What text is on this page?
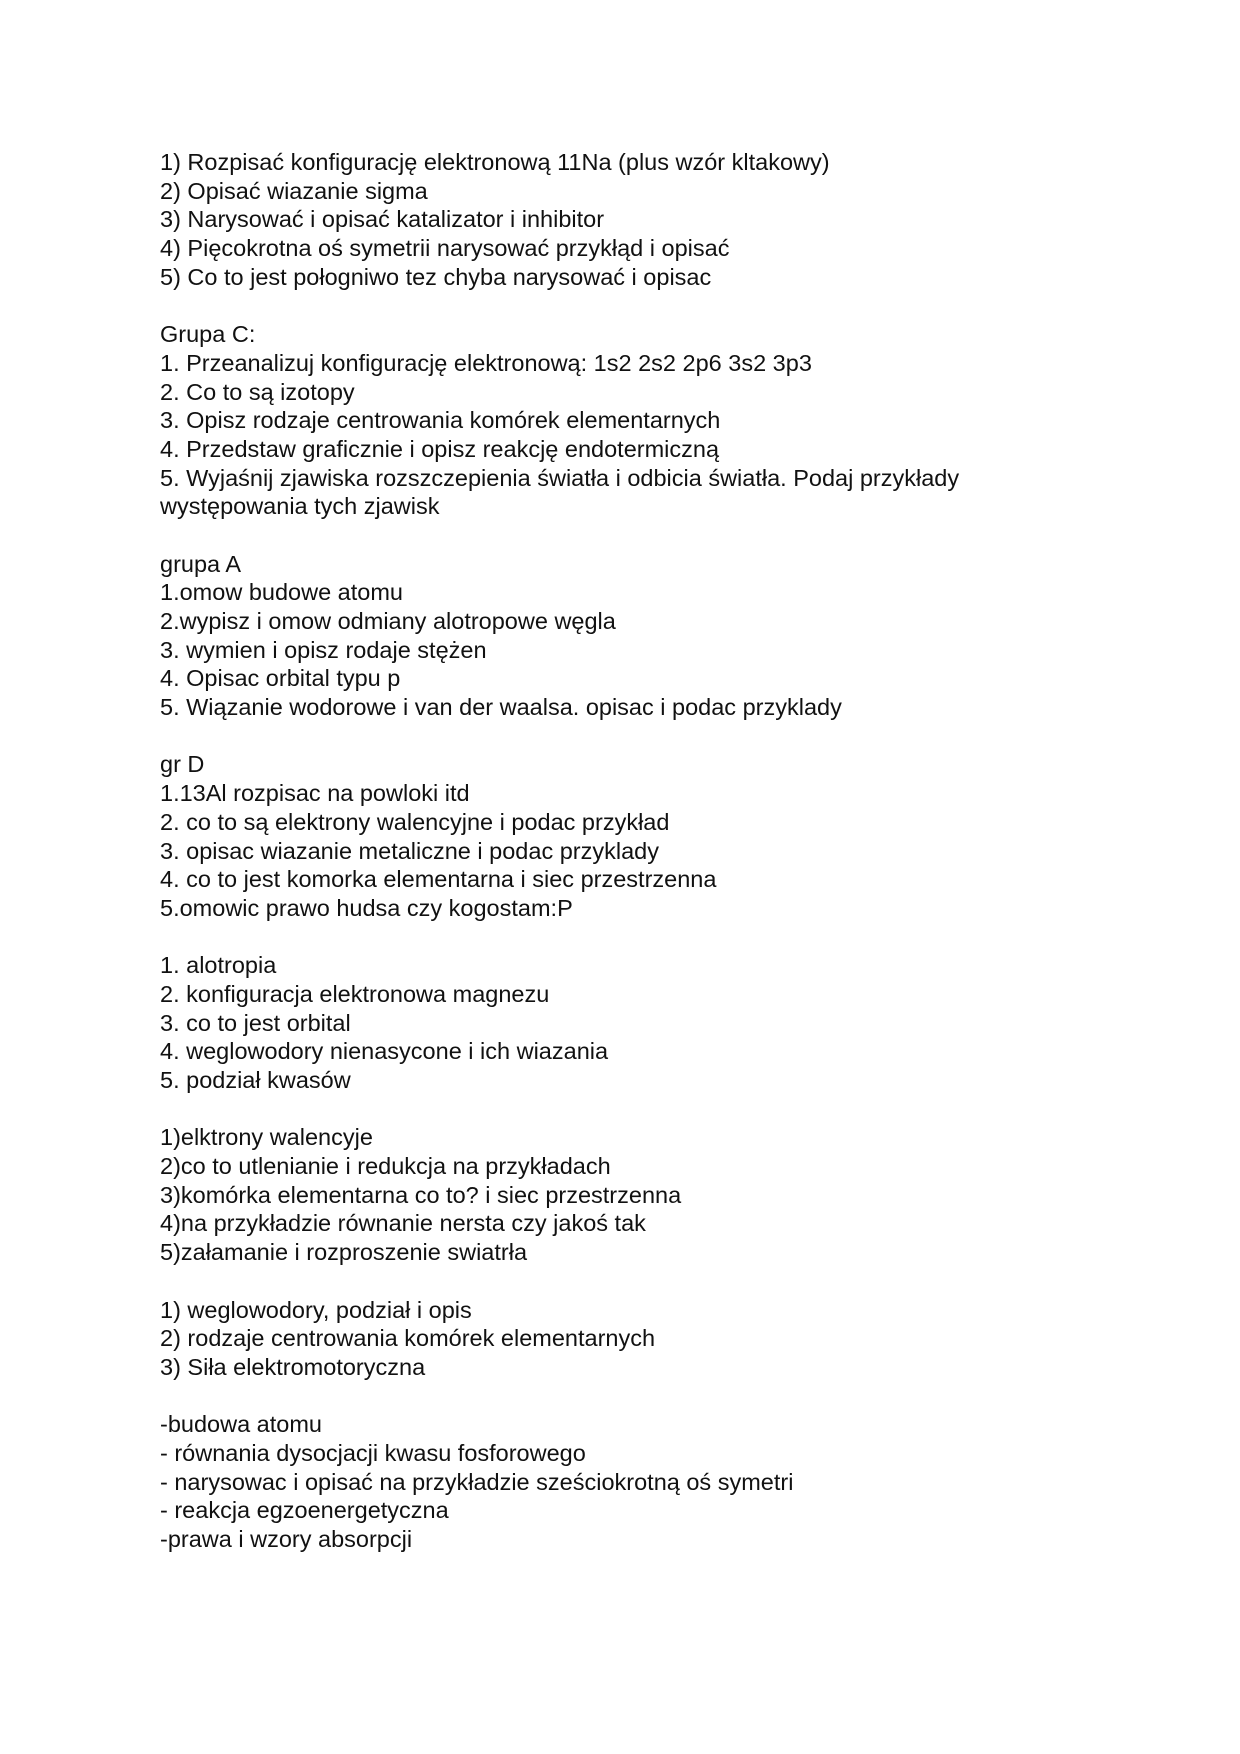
1) Rozpisać konfigurację elektronową 11Na (plus wzór kltakowy)
2) Opisać wiazanie sigma
3) Narysować i opisać katalizator i inhibitor
4) Pięcokrotna oś symetrii narysować przykłąd i opisać
5) Co to jest połogniwo tez chyba narysować i opisac
Grupa C:
1. Przeanalizuj konfigurację elektronową: 1s2 2s2 2p6 3s2 3p3
2. Co to są izotopy
3. Opisz rodzaje centrowania komórek elementarnych
4. Przedstaw graficznie i opisz reakcję endotermiczną
5. Wyjaśnij zjawiska rozszczepienia światła i odbicia światła. Podaj przykłady
występowania tych zjawisk
grupa A
1.omow budowe atomu
2.wypisz i omow odmiany alotropowe węgla
3. wymien i opisz rodaje stężen
4. Opisac orbital typu p
5. Wiązanie wodorowe i van der waalsa. opisac i podac przyklady
gr D
1.13Al rozpisac na powloki itd
2. co to są elektrony walencyjne i podac przykład
3. opisac wiazanie metaliczne i podac przyklady
4. co to jest komorka elementarna i siec przestrzenna
5.omowic prawo hudsa czy kogostam:P
1. alotropia
2. konfiguracja elektronowa magnezu
3. co to jest orbital
4. weglowodory nienasycone i ich wiazania
5. podział kwasów
1)elktrony walencyje
2)co to utlenianie i redukcja na przykładach
3)komórka elementarna co to? i siec przestrzenna
4)na przykładzie równanie nersta czy jakoś tak
5)załamanie i rozproszenie swiatrła
1) weglowodory, podział i opis
2) rodzaje centrowania komórek elementarnych
3) Siła elektromotoryczna
-budowa atomu
- równania dysocjacji kwasu fosforowego
- narysowac i opisać na przykładzie sześciokrotną oś symetri
- reakcja egzoenergetyczna
-prawa i wzory absorpcji
